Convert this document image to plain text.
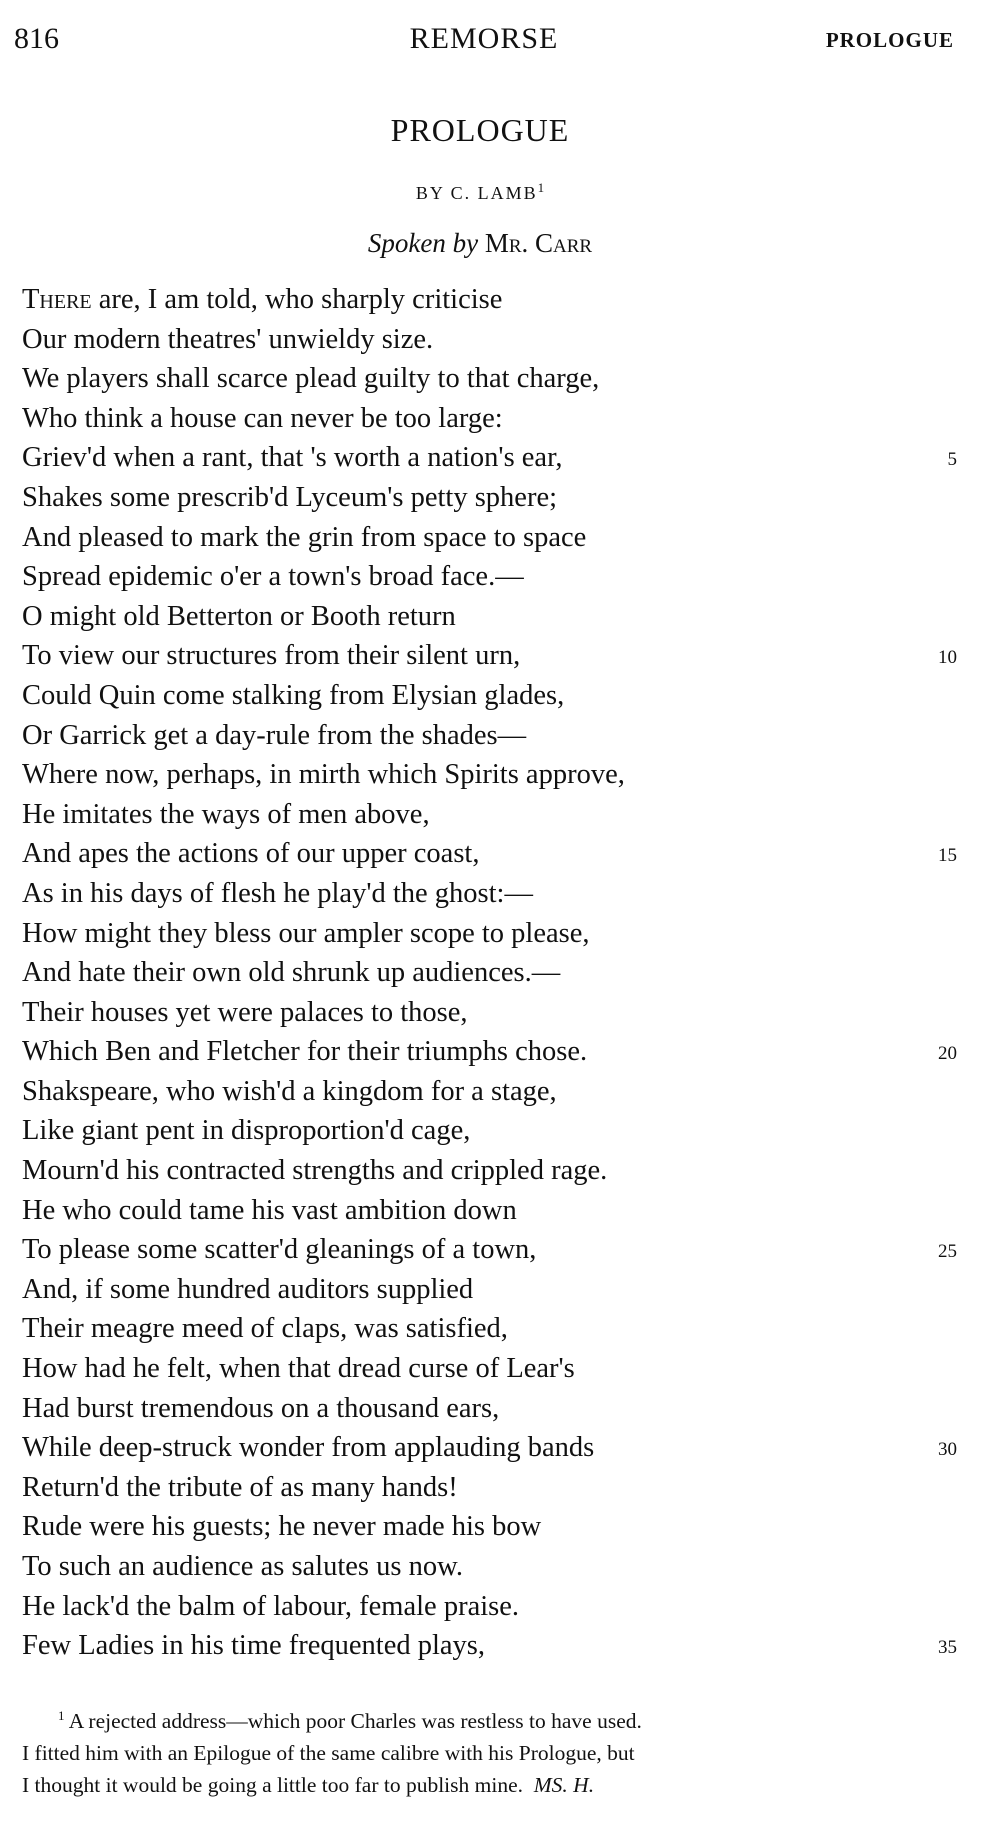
816	REMORSE	PROLOGUE
PROLOGUE
BY C. LAMB$^1$
Spoken by Mr. Carr
There are, I am told, who sharply criticise
Our modern theatres' unwieldy size.
We players shall scarce plead guilty to that charge,
Who think a house can never be too large:
Griev'd when a rant, that 's worth a nation's ear,	5
Shakes some prescrib'd Lyceum's petty sphere;
And pleased to mark the grin from space to space
Spread epidemic o'er a town's broad face.—
O might old Betterton or Booth return
To view our structures from their silent urn,	10
Could Quin come stalking from Elysian glades,
Or Garrick get a day-rule from the shades—
Where now, perhaps, in mirth which Spirits approve,
He imitates the ways of men above,
And apes the actions of our upper coast,	15
As in his days of flesh he play'd the ghost:—
How might they bless our ampler scope to please,
And hate their own old shrunk up audiences.—
Their houses yet were palaces to those,
Which Ben and Fletcher for their triumphs chose.	20
Shakspeare, who wish'd a kingdom for a stage,
Like giant pent in disproportion'd cage,
Mourn'd his contracted strengths and crippled rage.
He who could tame his vast ambition down
To please some scatter'd gleanings of a town,	25
And, if some hundred auditors supplied
Their meagre meed of claps, was satisfied,
How had he felt, when that dread curse of Lear's
Had burst tremendous on a thousand ears,
While deep-struck wonder from applauding bands	30
Return'd the tribute of as many hands!
Rude were his guests; he never made his bow
To such an audience as salutes us now.
He lack'd the balm of labour, female praise.
Few Ladies in his time frequented plays,	35

$^1$ A rejected address—which poor Charles was restless to have used.

I fitted him with an Epilogue of the same calibre with his Prologue, but

I thought it would be going a little too far to publish mine. MS. H.
